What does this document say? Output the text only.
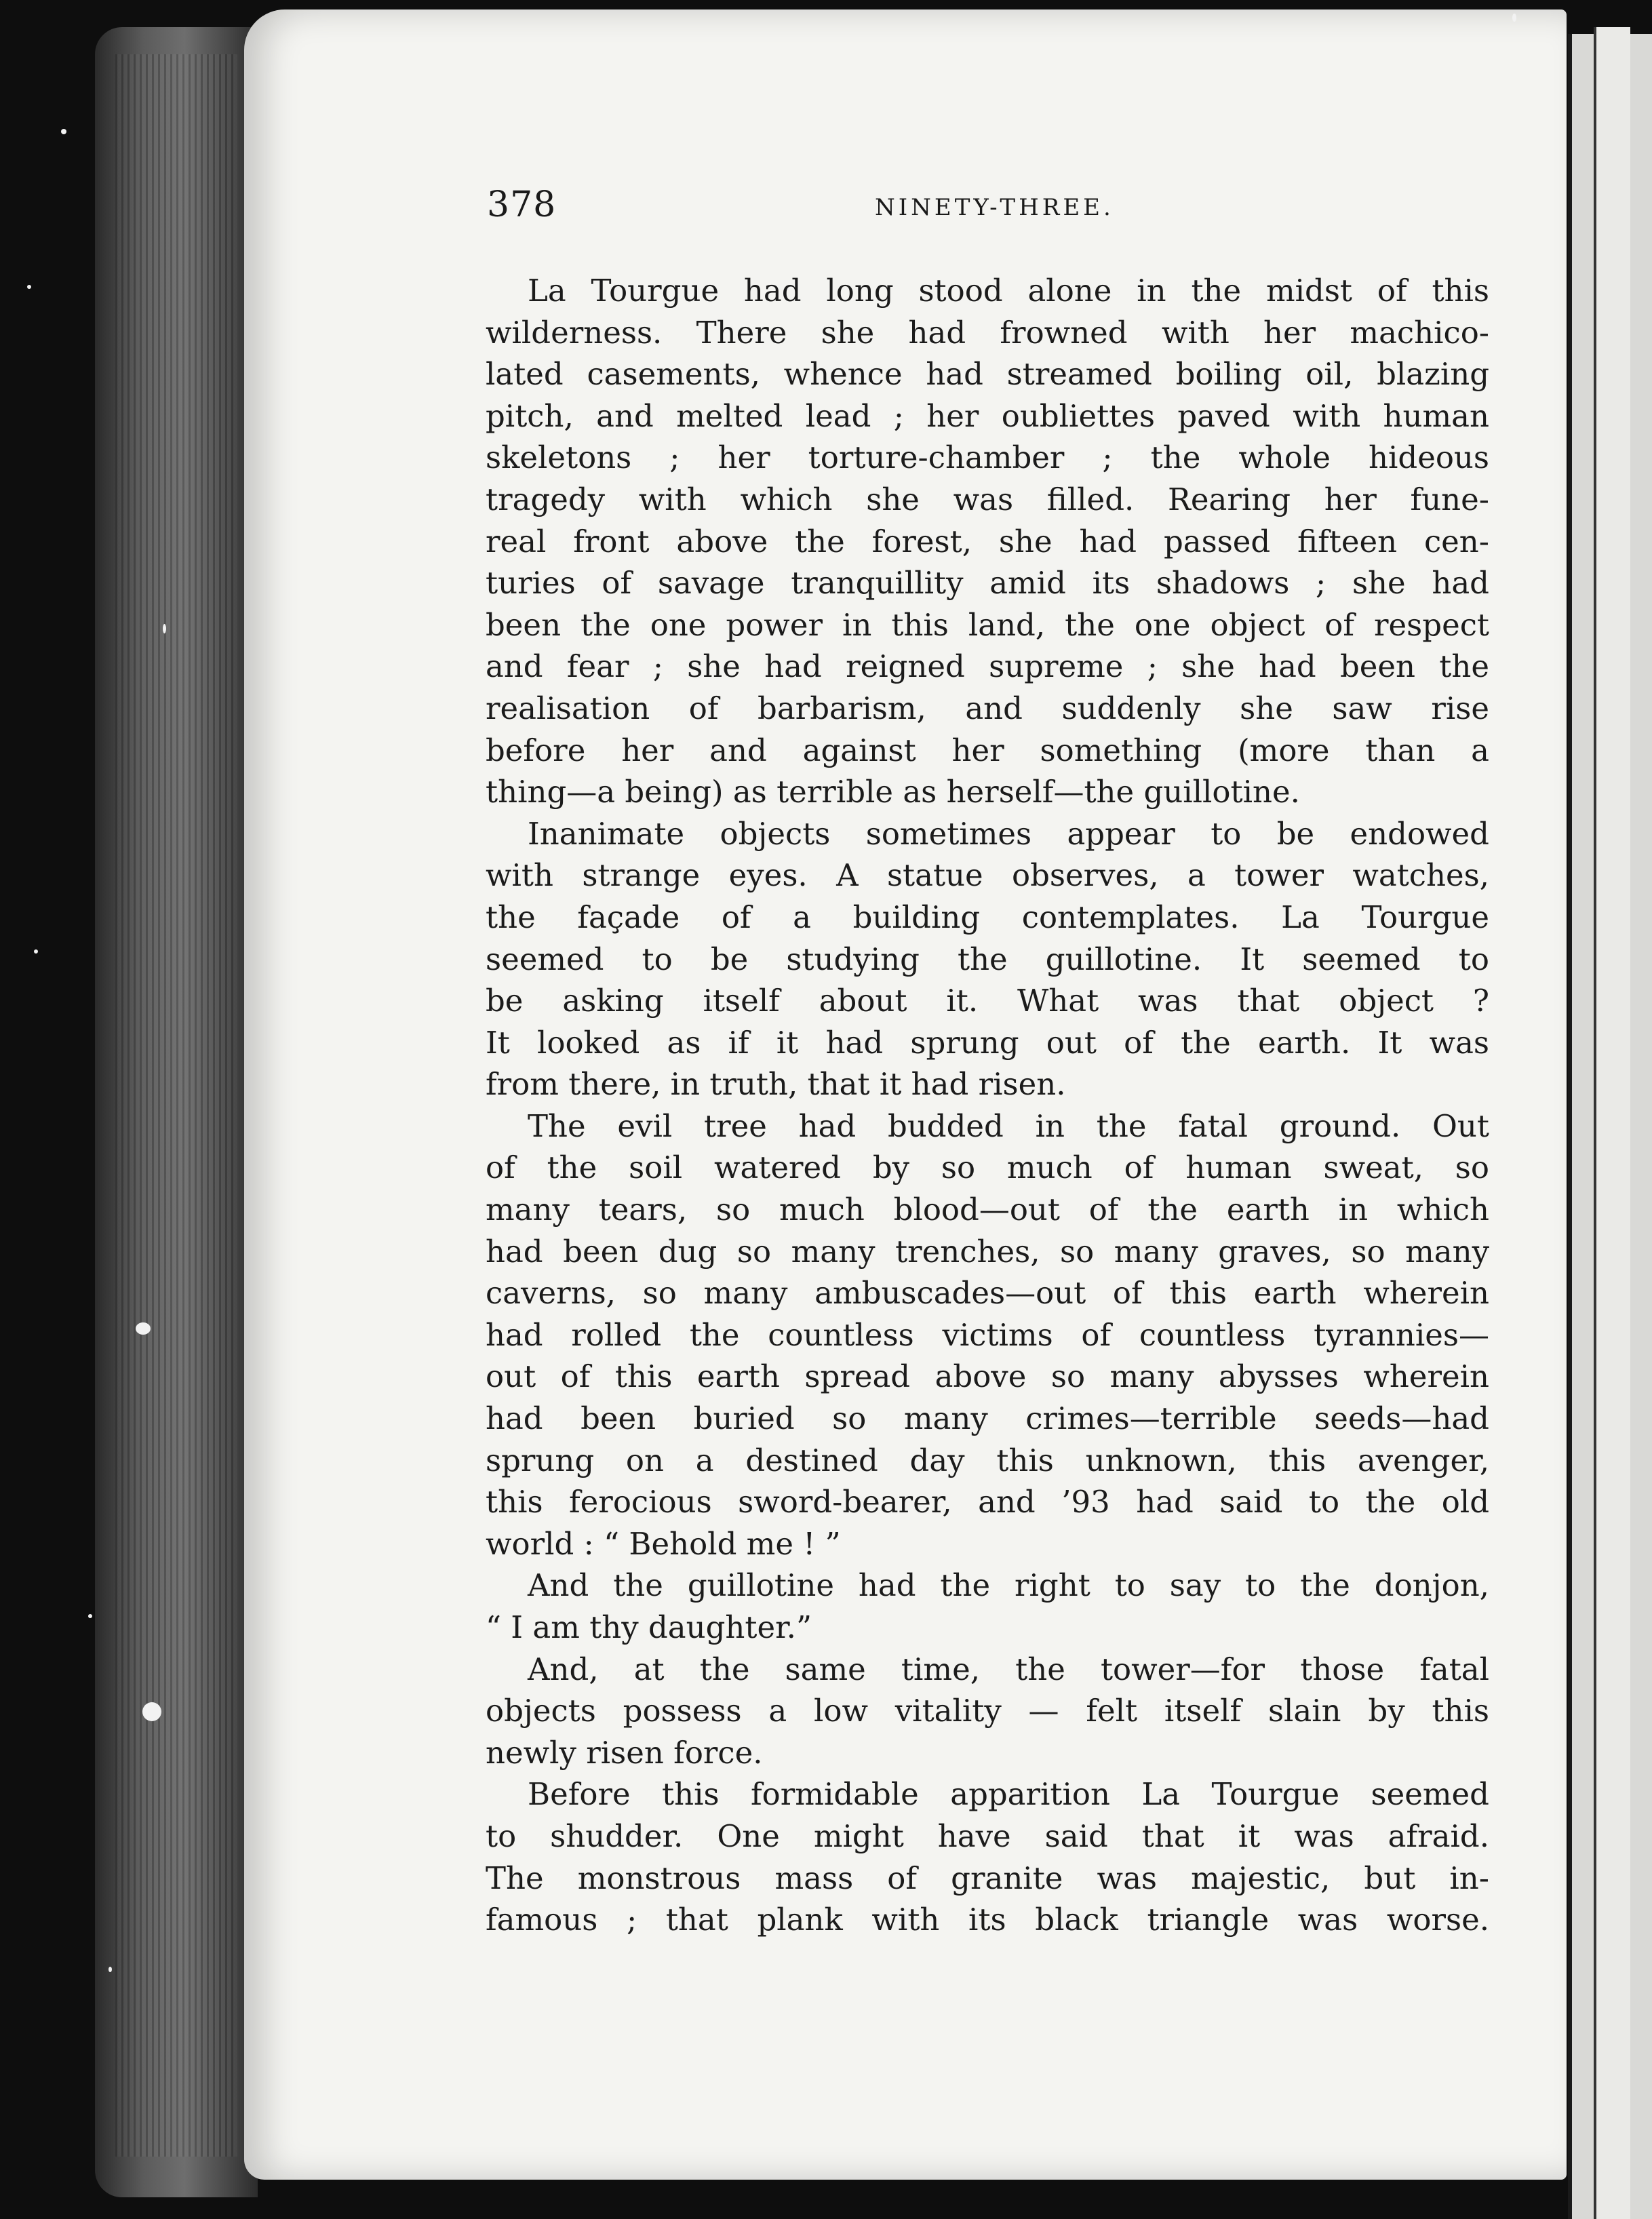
378	NINETY-THREE.
La Tourgue had long stood alone in the midst of this
wilderness. There she had frowned with her machico-
lated casements, whence had streamed boiling oil, blazing
pitch, and melted lead ; her oubliettes paved with human
skeletons ; her torture-chamber ; the whole hideous
tragedy with which she was filled. Rearing her fune-
real front above the forest, she had passed fifteen cen-
turies of savage tranquillity amid its shadows ; she had
been the one power in this land, the one object of respect
and fear ; she had reigned supreme ; she had been the
realisation of barbarism, and suddenly she saw rise
before her and against her something (more than a
thing—a being) as terrible as herself—the guillotine.
Inanimate objects sometimes appear to be endowed
with strange eyes. A statue observes, a tower watches,
the façade of a building contemplates. La Tourgue
seemed to be studying the guillotine. It seemed to
be asking itself about it. What was that object ?
It looked as if it had sprung out of the earth. It was
from there, in truth, that it had risen.
The evil tree had budded in the fatal ground. Out
of the soil watered by so much of human sweat, so
many tears, so much blood—out of the earth in which
had been dug so many trenches, so many graves, so many
caverns, so many ambuscades—out of this earth wherein
had rolled the countless victims of countless tyrannies—
out of this earth spread above so many abysses wherein
had been buried so many crimes—terrible seeds—had
sprung on a destined day this unknown, this avenger,
this ferocious sword-bearer, and ’93 had said to the old
world : “ Behold me ! ”
And the guillotine had the right to say to the donjon,
“ I am thy daughter.”
And, at the same time, the tower—for those fatal
objects possess a low vitality — felt itself slain by this
newly risen force.
Before this formidable apparition La Tourgue seemed
to shudder. One might have said that it was afraid.
The monstrous mass of granite was majestic, but in-
famous ; that plank with its black triangle was worse.
